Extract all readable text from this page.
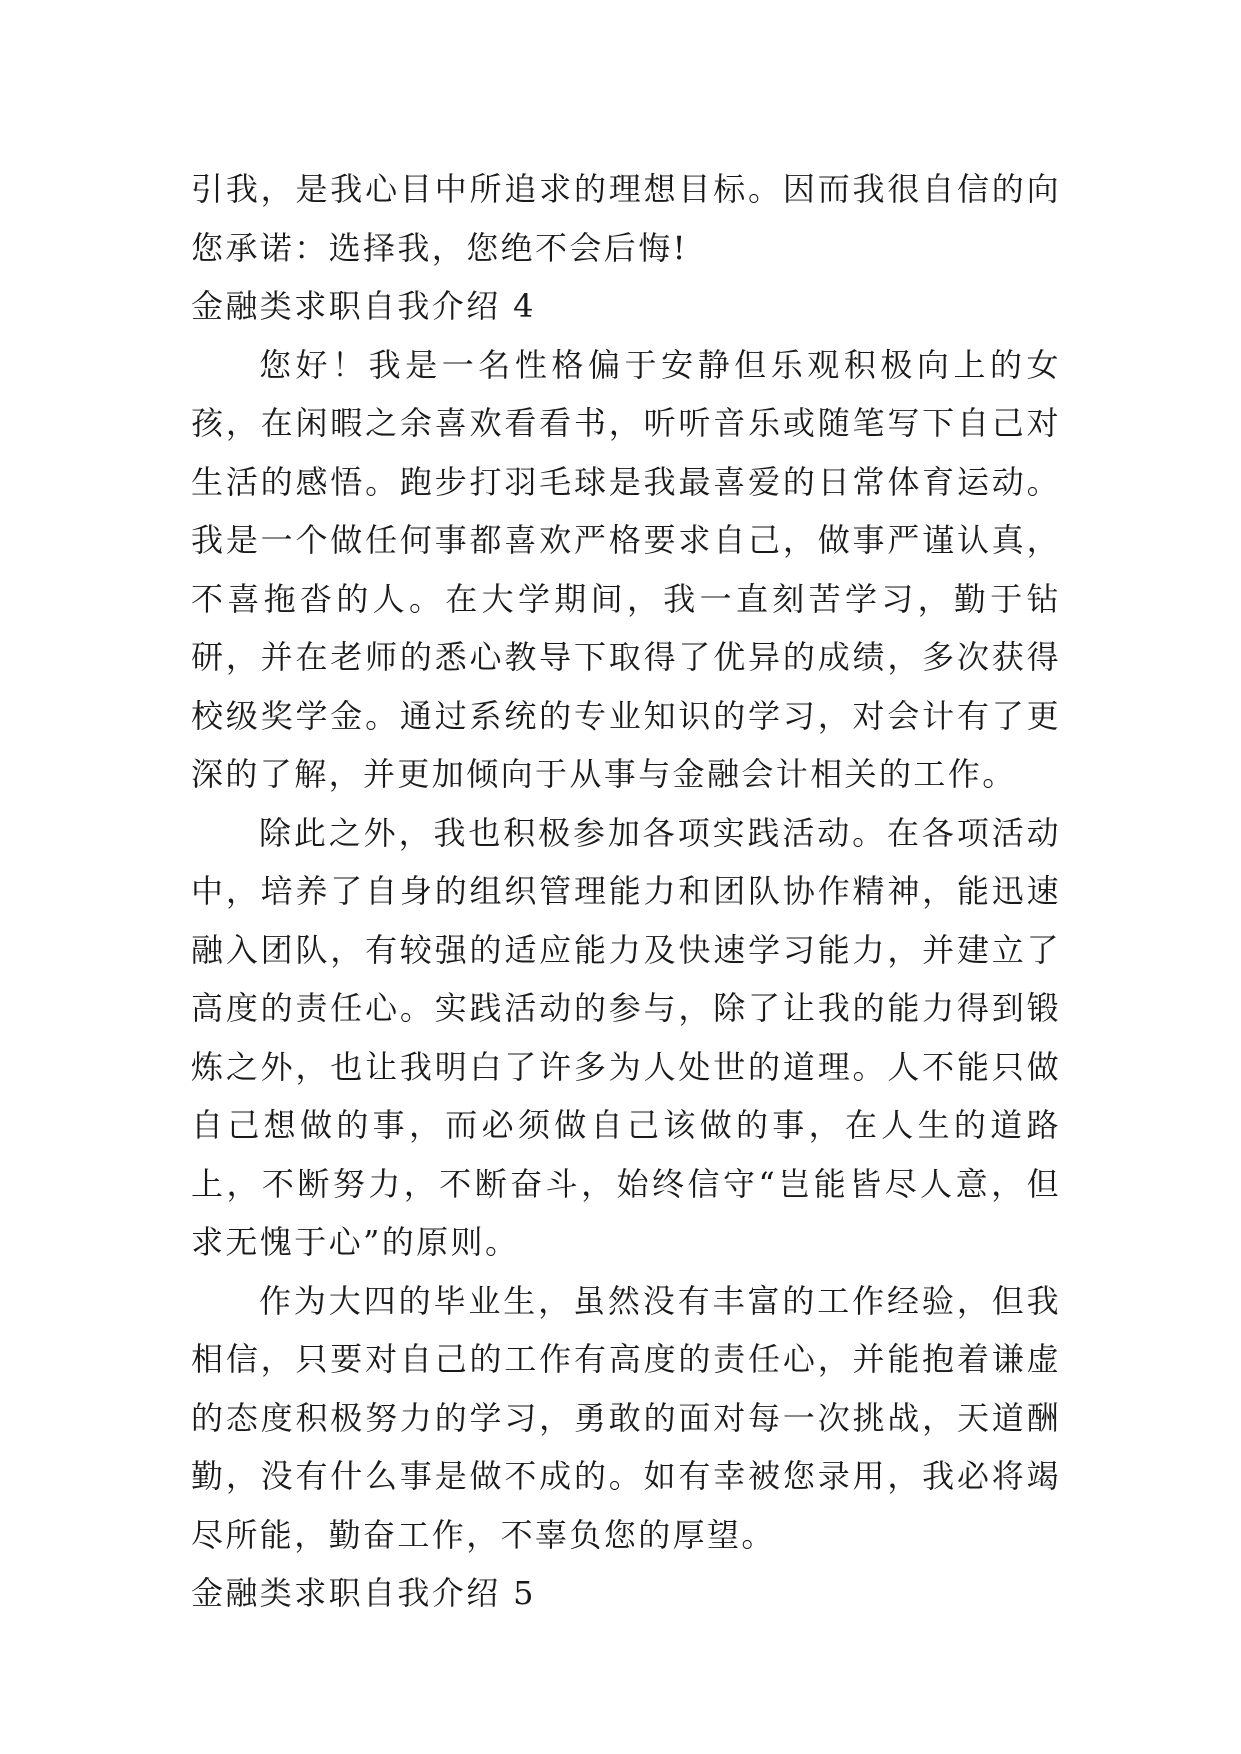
引我，是我心目中所追求的理想目标。因而我很自信的向您承诺：选择我，您绝不会后悔!

金融类求职自我介绍 4

您好！我是一名性格偏于安静但乐观积极向上的女孩，在闲暇之余喜欢看看书，听听音乐或随笔写下自己对生活的感悟。跑步打羽毛球是我最喜爱的日常体育运动。我是一个做任何事都喜欢严格要求自己，做事严谨认真，不喜拖沓的人。在大学期间，我一直刻苦学习，勤于钻研，并在老师的悉心教导下取得了优异的成绩，多次获得校级奖学金。通过系统的专业知识的学习，对会计有了更深的了解，并更加倾向于从事与金融会计相关的工作。

除此之外，我也积极参加各项实践活动。在各项活动中，培养了自身的组织管理能力和团队协作精神，能迅速融入团队，有较强的适应能力及快速学习能力，并建立了高度的责任心。实践活动的参与，除了让我的能力得到锻炼之外，也让我明白了许多为人处世的道理。人不能只做自己想做的事，而必须做自己该做的事，在人生的道路上，不断努力，不断奋斗，始终信守“岂能皆尽人意，但求无愧于心”的原则。

作为大四的毕业生，虽然没有丰富的工作经验，但我相信，只要对自己的工作有高度的责任心，并能抱着谦虚的态度积极努力的学习，勇敢的面对每一次挑战，天道酬勤，没有什么事是做不成的。如有幸被您录用，我必将竭尽所能，勤奋工作，不辜负您的厚望。

金融类求职自我介绍 5
